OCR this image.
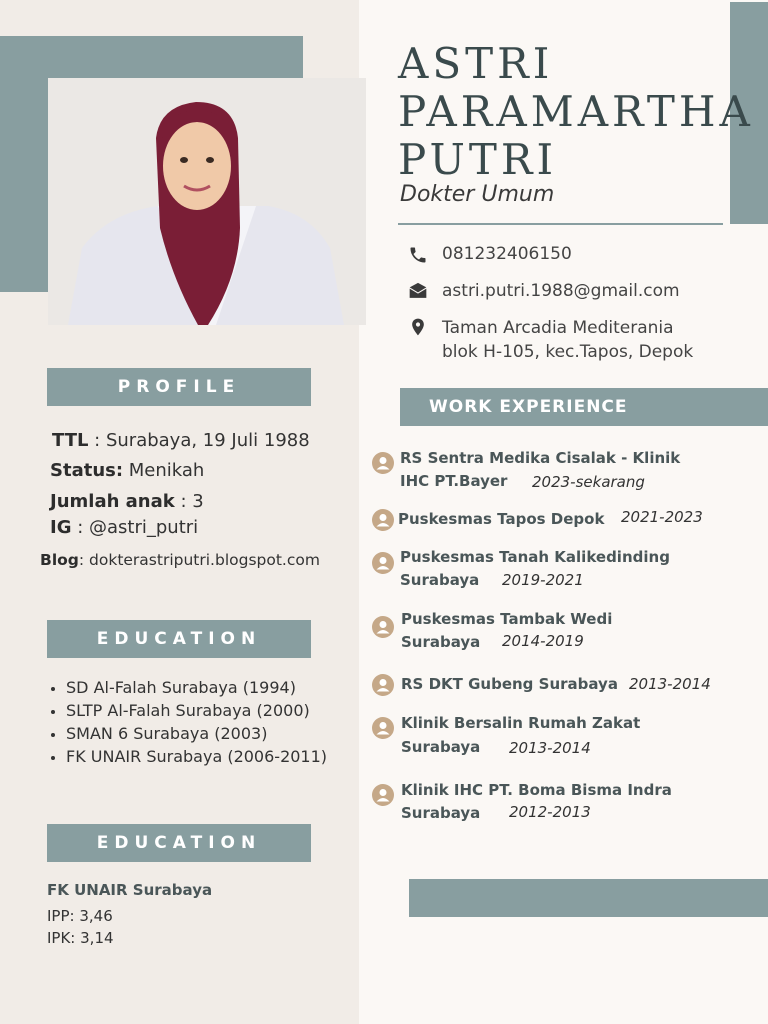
ASTRI
PARAMARTHA
PUTRI
Dokter Umum
081232406150
astri.putri.1988@gmail.com
Taman Arcadia Mediterania
blok H-105, kec.Tapos, Depok
PROFILE
TTL : Surabaya, 19 Juli 1988
Status: Menikah
Jumlah anak : 3
IG : @astri_putri
Blog: dokterastriputri.blogspot.com
EDUCATION
• SD Al-Falah Surabaya (1994)
• SLTP Al-Falah Surabaya (2000)
• SMAN 6 Surabaya (2003)
• FK UNAIR Surabaya (2006-2011)
EDUCATION
FK UNAIR Surabaya
IPP: 3,46
IPK: 3,14
WORK EXPERIENCE
RS Sentra Medika Cisalak - Klinik
IHC PT.Bayer 2023-sekarang
Puskesmas Tapos Depok 2021-2023
Puskesmas Tanah Kalikedinding
Surabaya 2019-2021
Puskesmas Tambak Wedi
Surabaya 2014-2019
RS DKT Gubeng Surabaya 2013-2014
Klinik Bersalin Rumah Zakat
Surabaya 2013-2014
Klinik IHC PT. Boma Bisma Indra
Surabaya 2012-2013
